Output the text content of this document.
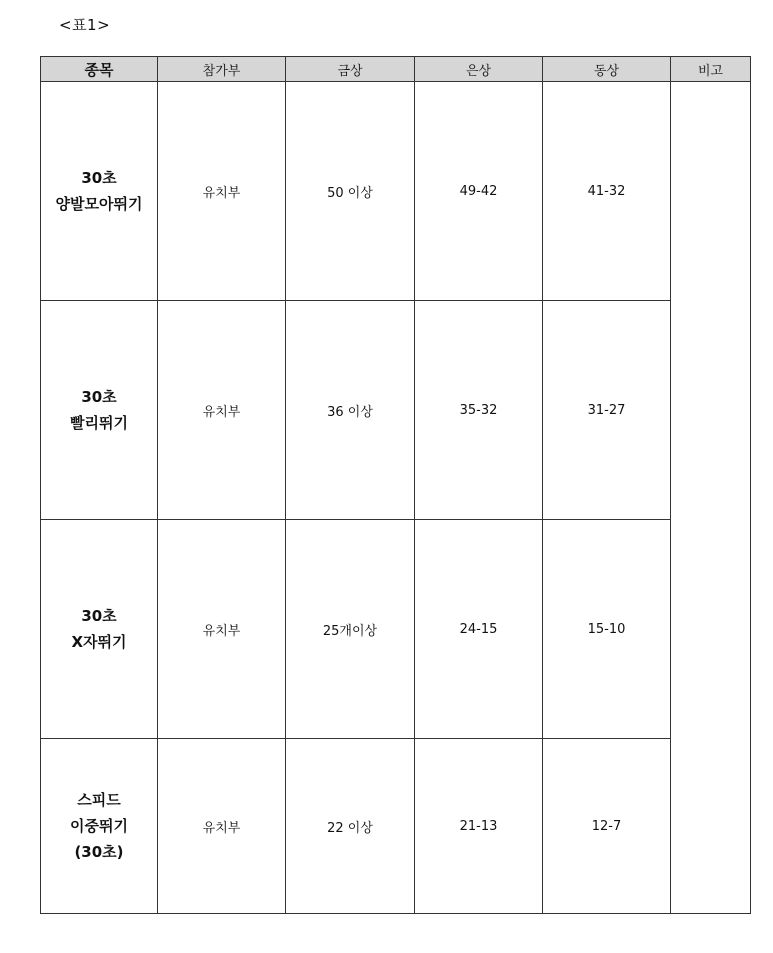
<표1>
종목	참가부	금상	은상	동상	비고

30초
양발모아뛰기	유치부	50 이상	49-42	41-32	

30초
빨리뛰기	유치부	36 이상	35-32	31-27	

30초
X자뛰기	유치부	25개이상	24-15	15-10	

스피드
이중뛰기
(30초)	유치부	22 이상	21-13	12-7	
